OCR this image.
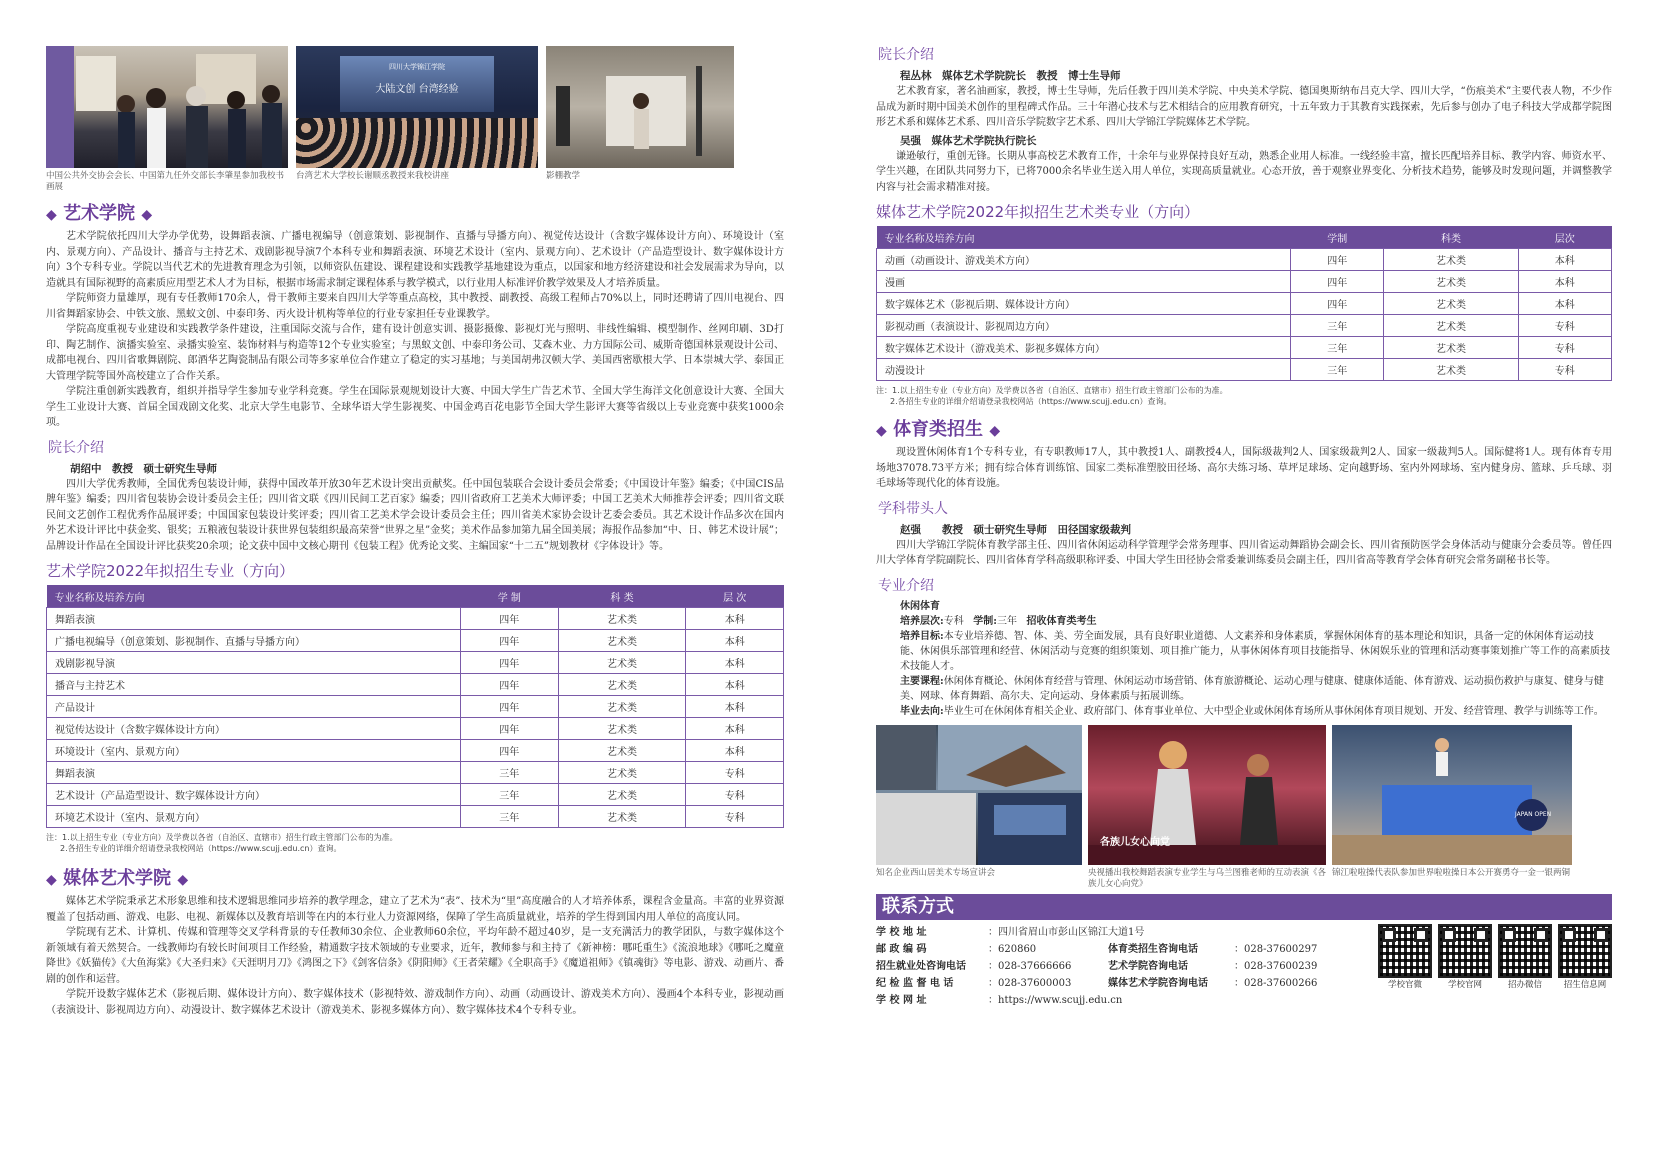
四川大学锦江学院
大陆文创 台湾经验
中国公共外交协会会长、中国第九任外交部长李肇星参加我校书画展
台湾艺术大学校长谢顺丞教授来我校讲座	影棚教学
◆ 艺术学院 ◆

艺术学院依托四川大学办学优势，设舞蹈表演、广播电视编导（创意策划、影视制作、直播与导播方向）、视觉传达设计（含数字媒体设计方向）、环境设计（室内、景观方向）、产品设计、播音与主持艺术、戏剧影视导演7个本科专业和舞蹈表演、环境艺术设计（室内、景观方向）、艺术设计（产品造型设计、数字媒体设计方向）3个专科专业。学院以当代艺术的先进教育理念为引领，以师资队伍建设、课程建设和实践教学基地建设为重点，以国家和地方经济建设和社会发展需求为导向，以造就具有国际视野的高素质应用型艺术人才为目标，根据市场需求制定课程体系与教学模式，以行业用人标准评价教学效果及人才培养质量。

学院师资力量雄厚，现有专任教师170余人，骨干教师主要来自四川大学等重点高校，其中教授、副教授、高级工程师占70%以上，同时还聘请了四川电视台、四川省舞蹈家协会、中铁文旅、黑蚁文创、中泰印务、丙火设计机构等单位的行业专家担任专业课教学。

学院高度重视专业建设和实践教学条件建设，注重国际交流与合作，建有设计创意实训、摄影摄像、影视灯光与照明、非线性编辑、模型制作、丝网印刷、3D打印、陶艺制作、演播实验室、录播实验室、装饰材料与构造等12个专业实验室；与黑蚁文创、中泰印务公司、艾森木业、力方国际公司、威斯奇德国林景观设计公司、成都电视台、四川省歌舞剧院、郎酒华艺陶瓷制品有限公司等多家单位合作建立了稳定的实习基地；与美国胡弗汉顿大学、美国西密歇根大学、日本崇城大学、泰国正大管理学院等国外高校建立了合作关系。

学院注重创新实践教育，组织并指导学生参加专业学科竞赛。学生在国际景观规划设计大赛、中国大学生广告艺术节、全国大学生海洋文化创意设计大赛、全国大学生工业设计大赛、首届全国戏剧文化奖、北京大学生电影节、全球华语大学生影视奖、中国金鸡百花电影节全国大学生影评大赛等省级以上专业竞赛中获奖1000余项。

院长介绍
胡绍中　教授　硕士研究生导师

四川大学优秀教师，全国优秀包装设计师，获得中国改革开放30年艺术设计突出贡献奖。任中国包装联合会设计委员会常委；《中国设计年鉴》编委；《中国CIS品牌年鉴》编委；四川省包装协会设计委员会主任；四川省文联《四川民间工艺百家》编委；四川省政府工艺美术大师评委；中国工艺美术大师推荐会评委；四川省文联民间文艺创作工程优秀作品展评委；中国国家包装设计奖评委；四川省工艺美术学会设计委员会主任；四川省美术家协会设计艺委会委员。其艺术设计作品多次在国内外艺术设计评比中获金奖、银奖；五粮液包装设计获世界包装组织最高荣誉“世界之星”金奖；美术作品参加第九届全国美展；海报作品参加“中、日、韩艺术设计展”；品牌设计作品在全国设计评比获奖20余项；论文获中国中文核心期刊《包装工程》优秀论文奖、主编国家“十二五”规划教材《字体设计》等。

艺术学院2022年拟招生专业（方向）
专业名称及培养方向	学 制	科 类	层 次
舞蹈表演	四年	艺术类	本科
广播电视编导（创意策划、影视制作、直播与导播方向）	四年	艺术类	本科
戏剧影视导演	四年	艺术类	本科
播音与主持艺术	四年	艺术类	本科
产品设计	四年	艺术类	本科
视觉传达设计（含数字媒体设计方向）	四年	艺术类	本科
环境设计（室内、景观方向）	四年	艺术类	本科
舞蹈表演	三年	艺术类	专科
艺术设计（产品造型设计、数字媒体设计方向）	三年	艺术类	专科
环境艺术设计（室内、景观方向）	三年	艺术类	专科
注：1.以上招生专业（专业方向）及学费以各省（自治区、直辖市）招生行政主管部门公布的为准。
2.各招生专业的详细介绍请登录我校网站（https://www.scujj.edu.cn）查询。
◆ 媒体艺术学院 ◆

媒体艺术学院秉承艺术形象思维和技术逻辑思维同步培养的教学理念，建立了艺术为“表”、技术为“里”高度融合的人才培养体系，课程含金量高。丰富的业界资源覆盖了包括动画、游戏、电影、电视、新媒体以及教育培训等在内的本行业人力资源网络，保障了学生高质量就业，培养的学生得到国内用人单位的高度认同。

学院现有艺术、计算机、传媒和管理等交叉学科背景的专任教师30余位、企业教师60余位，平均年龄不超过40岁，是一支充满活力的教学团队，与数字媒体这个新领域有着天然契合。一线教师均有较长时间项目工作经验，精通数字技术领域的专业要求，近年，教师参与和主持了《新神榜：哪吒重生》《流浪地球》《哪吒之魔童降世》《妖猫传》《大鱼海棠》《大圣归来》《天涯明月刀》《鸿图之下》《剑客信条》《阴阳师》《王者荣耀》《全职高手》《魔道祖师》《镇魂街》等电影、游戏、动画片、番剧的创作和运营。

学院开设数字媒体艺术（影视后期、媒体设计方向）、数字媒体技术（影视特效、游戏制作方向）、动画（动画设计、游戏美术方向）、漫画4个本科专业，影视动画（表演设计、影视周边方向）、动漫设计、数字媒体艺术设计（游戏美术、影视多媒体方向）、数字媒体技术4个专科专业。

院长介绍
程丛林　媒体艺术学院院长　教授　博士生导师

艺术教育家，著名油画家，教授，博士生导师，先后任教于四川美术学院、中央美术学院、德国奥斯纳布吕克大学、四川大学，“伤痕美术”主要代表人物，不少作品成为新时期中国美术创作的里程碑式作品。三十年潜心技术与艺术相结合的应用教育研究，十五年致力于其教育实践探索，先后参与创办了电子科技大学成都学院图形艺术系和媒体艺术系、四川音乐学院数字艺术系、四川大学锦江学院媒体艺术学院。

吴强　媒体艺术学院执行院长

谦逊敏行，重创无锋。长期从事高校艺术教育工作，十余年与业界保持良好互动，熟悉企业用人标准。一线经验丰富，擅长匹配培养目标、教学内容、师资水平、学生兴趣，在团队共同努力下，已将7000余名毕业生送入用人单位，实现高质量就业。心态开放，善于观察业界变化、分析技术趋势，能够及时发现问题，并调整教学内容与社会需求精准对接。

媒体艺术学院2022年拟招生艺术类专业（方向）
专业名称及培养方向	学制	科类	层次
动画（动画设计、游戏美术方向）	四年	艺术类	本科
漫画	四年	艺术类	本科
数字媒体艺术（影视后期、媒体设计方向）	四年	艺术类	本科
影视动画（表演设计、影视周边方向）	三年	艺术类	专科
数字媒体艺术设计（游戏美术、影视多媒体方向）	三年	艺术类	专科
动漫设计	三年	艺术类	专科
注：1.以上招生专业（专业方向）及学费以各省（自治区、直辖市）招生行政主管部门公布的为准。
2.各招生专业的详细介绍请登录我校网站（https://www.scujj.edu.cn）查询。
◆ 体育类招生 ◆

现设置休闲体育1个专科专业，有专职教师17人，其中教授1人、副教授4人，国际级裁判2人、国家级裁判2人、国家一级裁判5人。国际健将1人。现有体育专用场地37078.73平方米；拥有综合体育训练馆、国家二类标准塑胶田径场、高尔夫练习场、草坪足球场、定向越野场、室内外网球场、室内健身房、篮球、乒乓球、羽毛球场等现代化的体育设施。

学科带头人
赵强　　教授　硕士研究生导师　田径国家级裁判

四川大学锦江学院体育教学部主任、四川省休闲运动科学管理学会常务理事、四川省运动舞蹈协会副会长、四川省预防医学会身体活动与健康分会委员等。曾任四川大学体育学院副院长、四川省体育学科高级职称评委、中国大学生田径协会常委兼训练委员会副主任，四川省高等教育学会体育研究会常务副秘书长等。

专业介绍
休闲体育
培养层次:专科 学制:三年 招收体育类考生
培养目标:本专业培养德、智、体、美、劳全面发展，具有良好职业道德、人文素养和身体素质，掌握休闲体育的基本理论和知识，具备一定的休闲体育运动技能、休闲俱乐部管理和经营、休闲活动与竞赛的组织策划、项目推广能力，从事休闲体育项目技能指导、休闲娱乐业的管理和活动赛事策划推广等工作的高素质技术技能人才。
主要课程:休闲体育概论、休闲体育经营与管理、休闲运动市场营销、体育旅游概论、运动心理与健康、健康体适能、体育游戏、运动损伤救护与康复、健身与健美、网球、体育舞蹈、高尔夫、定向运动、身体素质与拓展训练。
毕业去向:毕业生可在休闲体育相关企业、政府部门、体育事业单位、大中型企业或休闲体育场所从事休闲体育项目规划、开发、经营管理、教学与训练等工作。
各族儿女心向党
JAPAN OPEN
知名企业西山居美术专场宣讲会	央视播出我校舞蹈表演专业学生与乌兰图雅老师的互动表演《各族儿女心向党》
锦江啦啦操代表队参加世界啦啦操日本公开赛勇夺一金一银两铜
联系方式
学 校 地 址	： 四川省眉山市彭山区锦江大道1号
邮 政 编 码	： 620860	体育类招生咨询电话	： 028-37600297
招生就业处咨询电话	： 028-37666666	艺术学院咨询电话	： 028-37600239
纪 检 监 督 电 话	： 028-37600003	媒体艺术学院咨询电话	： 028-37600266
学 校 网 址	： https://www.scujj.edu.cn
学校官微	学校官网	招办微信	招生信息网
